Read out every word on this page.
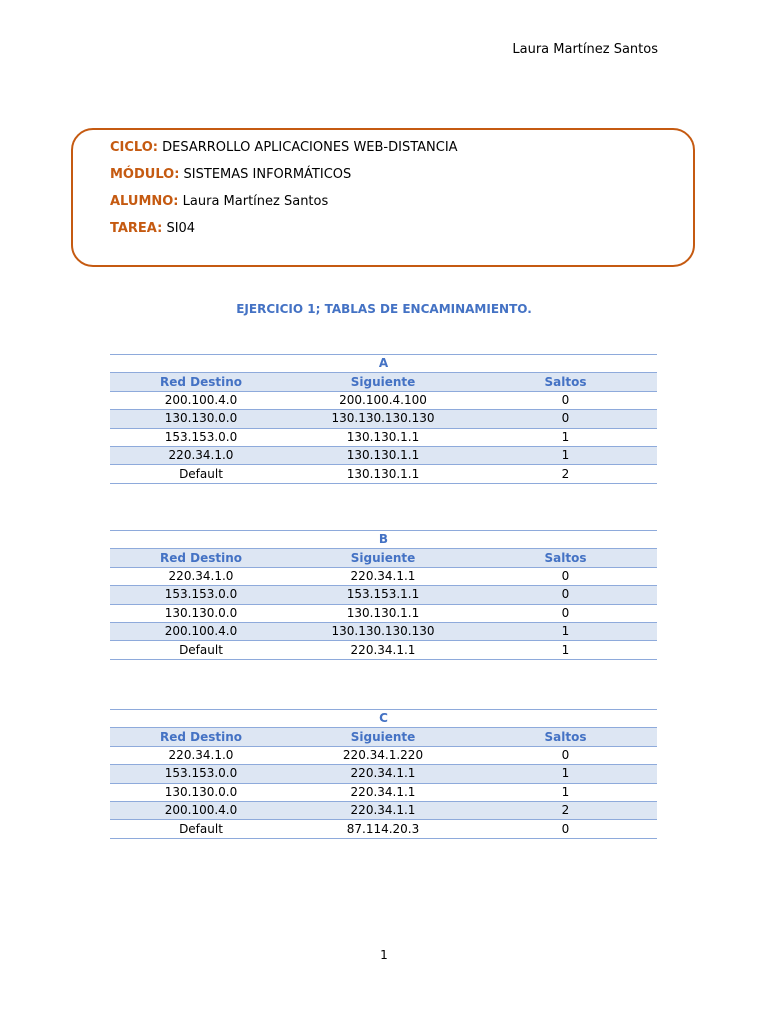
Laura Martínez Santos
CICLO: DESARROLLO APLICACIONES WEB-DISTANCIA
MÓDULO: SISTEMAS INFORMÁTICOS
ALUMNO: Laura Martínez Santos
TAREA: SI04
EJERCICIO 1; TABLAS DE ENCAMINAMIENTO.
A		
Red Destino	Siguiente	Saltos
200.100.4.0	200.100.4.100	0
130.130.0.0	130.130.130.130	0
153.153.0.0	130.130.1.1	1
220.34.1.0	130.130.1.1	1
Default	130.130.1.1	2
B		
Red Destino	Siguiente	Saltos
220.34.1.0	220.34.1.1	0
153.153.0.0	153.153.1.1	0
130.130.0.0	130.130.1.1	0
200.100.4.0	130.130.130.130	1
Default	220.34.1.1	1
C		
Red Destino	Siguiente	Saltos
220.34.1.0	220.34.1.220	0
153.153.0.0	220.34.1.1	1
130.130.0.0	220.34.1.1	1
200.100.4.0	220.34.1.1	2
Default	87.114.20.3	0
1
